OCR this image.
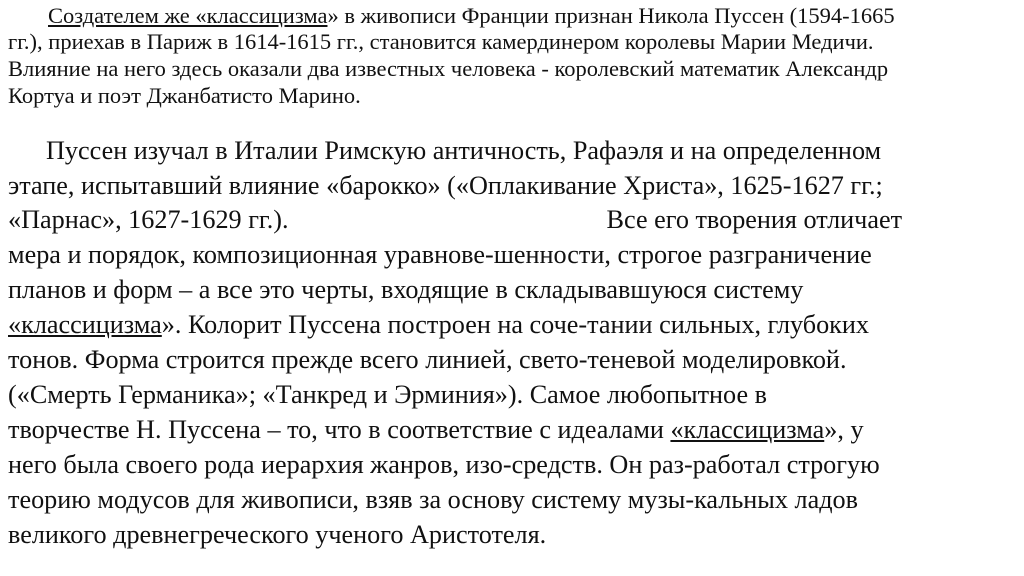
Создателем же «классицизма» в живописи Франции признан Никола Пуссен (1594-1665
гг.), приехав в Париж в 1614-1615 гг., становится камердинером королевы Марии Медичи.
Влияние на него здесь оказали два известных человека - королевский математик Александр
Кортуа и поэт Джанбатисто Марино.
Пуссен изучал в Италии Римскую античность, Рафаэля и на определенном
этапе, испытавший влияние «барокко» («Оплакивание Христа», 1625-1627 гг.;
«Парнас», 1627-1629 гг.).	Все его творения отличает
мера и порядок, композиционная уравнове-шенности, строгое разграничение
планов и форм – а все это черты, входящие в складывавшуюся систему
«классицизма». Колорит Пуссена построен на соче-тании сильных, глубоких
тонов. Форма строится прежде всего линией, свето-теневой моделировкой.
(«Смерть Германика»; «Танкред и Эрминия»). Самое любопытное в
творчестве Н. Пуссена – то, что в соответствие с идеалами «классицизма», у
него была своего рода иерархия жанров, изо-средств. Он раз-работал строгую
теорию модусов для живописи, взяв за основу систему музы-кальных ладов
великого древнегреческого ученого Аристотеля.
